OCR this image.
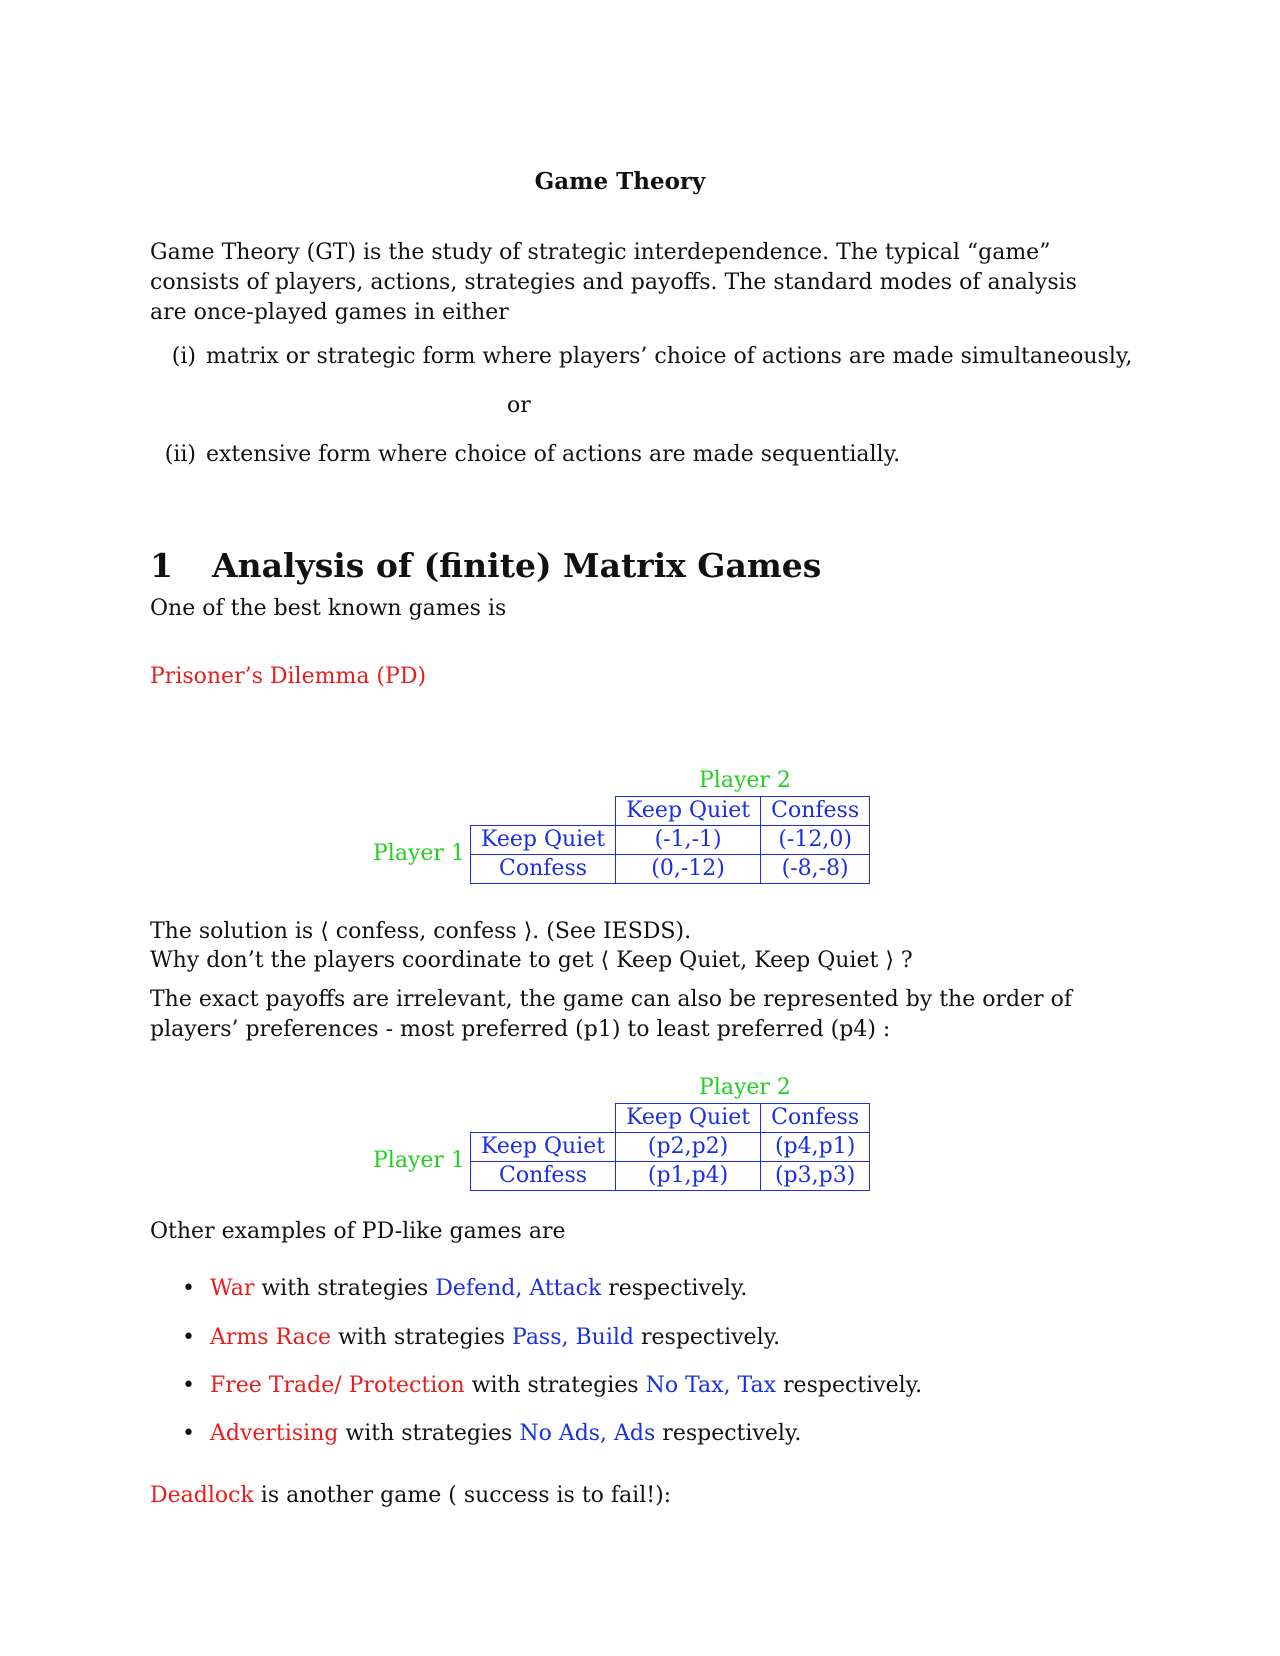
Game Theory
Game Theory (GT) is the study of strategic interdependence. The typical “game” consists of players, actions, strategies and payoffs. The standard modes of analysis are once-played games in either
(i) matrix or strategic form where players’ choice of actions are made simultaneously,
or
(ii) extensive form where choice of actions are made sequentially.
1 Analysis of (finite) Matrix Games
One of the best known games is
Prisoner’s Dilemma (PD)
Player 2
Player 1
	Keep Quiet	Confess
Keep Quiet	(-1,-1)	(-12,0)
Confess	(0,-12)	(-8,-8)
The solution is ⟨ confess, confess ⟩. (See IESDS).
Why don’t the players coordinate to get ⟨ Keep Quiet, Keep Quiet ⟩ ?
The exact payoffs are irrelevant, the game can also be represented by the order of players’ preferences - most preferred (p1) to least preferred (p4) :
Player 2
Player 1
	Keep Quiet	Confess
Keep Quiet	(p2,p2)	(p4,p1)
Confess	(p1,p4)	(p3,p3)
Other examples of PD-like games are
• War with strategies Defend, Attack respectively.
• Arms Race with strategies Pass, Build respectively.
• Free Trade/ Protection with strategies No Tax, Tax respectively.
• Advertising with strategies No Ads, Ads respectively.
Deadlock is another game ( success is to fail!):
